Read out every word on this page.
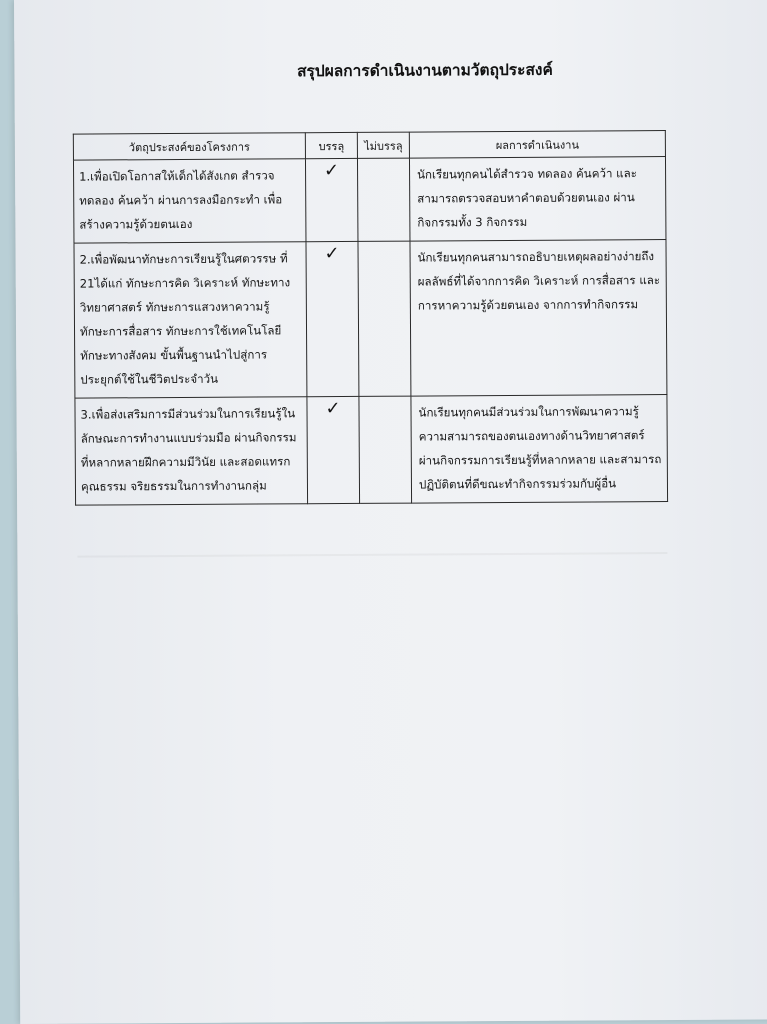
สรุปผลการดำเนินงานตามวัตถุประสงค์
วัตถุประสงค์ของโครงการ	บรรลุ	ไม่บรรลุ	ผลการดำเนินงาน
1.เพื่อเปิดโอกาสให้เด็กได้สังเกต สำรวจ ทดลอง ค้นคว้า ผ่านการลงมือกระทำ เพื่อสร้างความรู้ด้วยตนเอง	✓		นักเรียนทุกคนได้สำรวจ ทดลอง ค้นคว้า และสามารถตรวจสอบหาคำตอบด้วยตนเอง ผ่านกิจกรรมทั้ง 3 กิจกรรม
2.เพื่อพัฒนาทักษะการเรียนรู้ในศตวรรษ ที่ 21ได้แก่ ทักษะการคิด วิเคราะห์ ทักษะทางวิทยาศาสตร์ ทักษะการแสวงหาความรู้ ทักษะการสื่อสาร ทักษะการใช้เทคโนโลยี ทักษะทางสังคม ขั้นพื้นฐานนำไปสู่การประยุกต์ใช้ในชีวิตประจำวัน	✓		นักเรียนทุกคนสามารถอธิบายเหตุผลอย่างง่ายถึงผลลัพธ์ที่ได้จากการคิด วิเคราะห์ การสื่อสาร และการหาความรู้ด้วยตนเอง จากการทำกิจกรรม
3.เพื่อส่งเสริมการมีส่วนร่วมในการเรียนรู้ในลักษณะการทำงานแบบร่วมมือ ผ่านกิจกรรมที่หลากหลายฝึกความมีวินัย และสอดแทรกคุณธรรม จริยธรรมในการทำงานกลุ่ม	✓		นักเรียนทุกคนมีส่วนร่วมในการพัฒนาความรู้ความสามารถของตนเองทางด้านวิทยาศาสตร์ ผ่านกิจกรรมการเรียนรู้ที่หลากหลาย และสามารถปฏิบัติตนที่ดีขณะทำกิจกรรมร่วมกับผู้อื่น
